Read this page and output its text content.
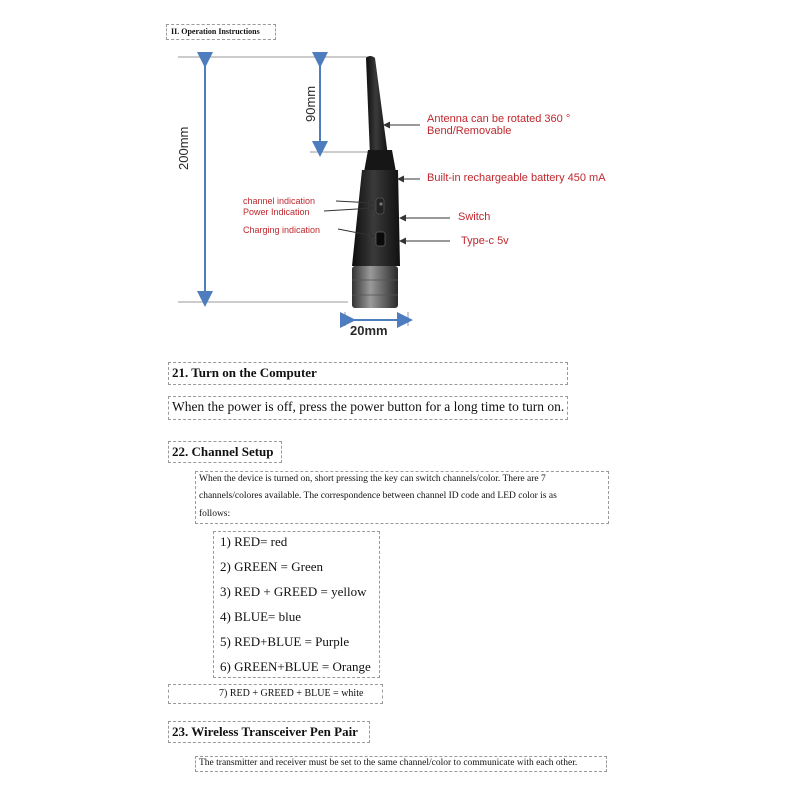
II. Operation Instructions
200mm
90mm
20mm
Antenna can be rotated 360 °
Bend/Removable
Built-in rechargeable battery 450 mA
channel indication
Power Indication
Charging indication
Switch
Type-c 5v
21. Turn on the Computer
When the power is off, press the power button for a long time to turn on.
22. Channel Setup
When the device is turned on, short pressing the key can switch channels/color. There are 7
channels/colores available. The correspondence between channel ID code and LED color is as
follows:
1) RED= red
2) GREEN = Green
3) RED + GREED = yellow
4) BLUE= blue
5) RED+BLUE = Purple
6) GREEN+BLUE = Orange
7) RED + GREED + BLUE = white
23. Wireless Transceiver Pen Pair
The transmitter and receiver must be set to the same channel/color to communicate with each other.
